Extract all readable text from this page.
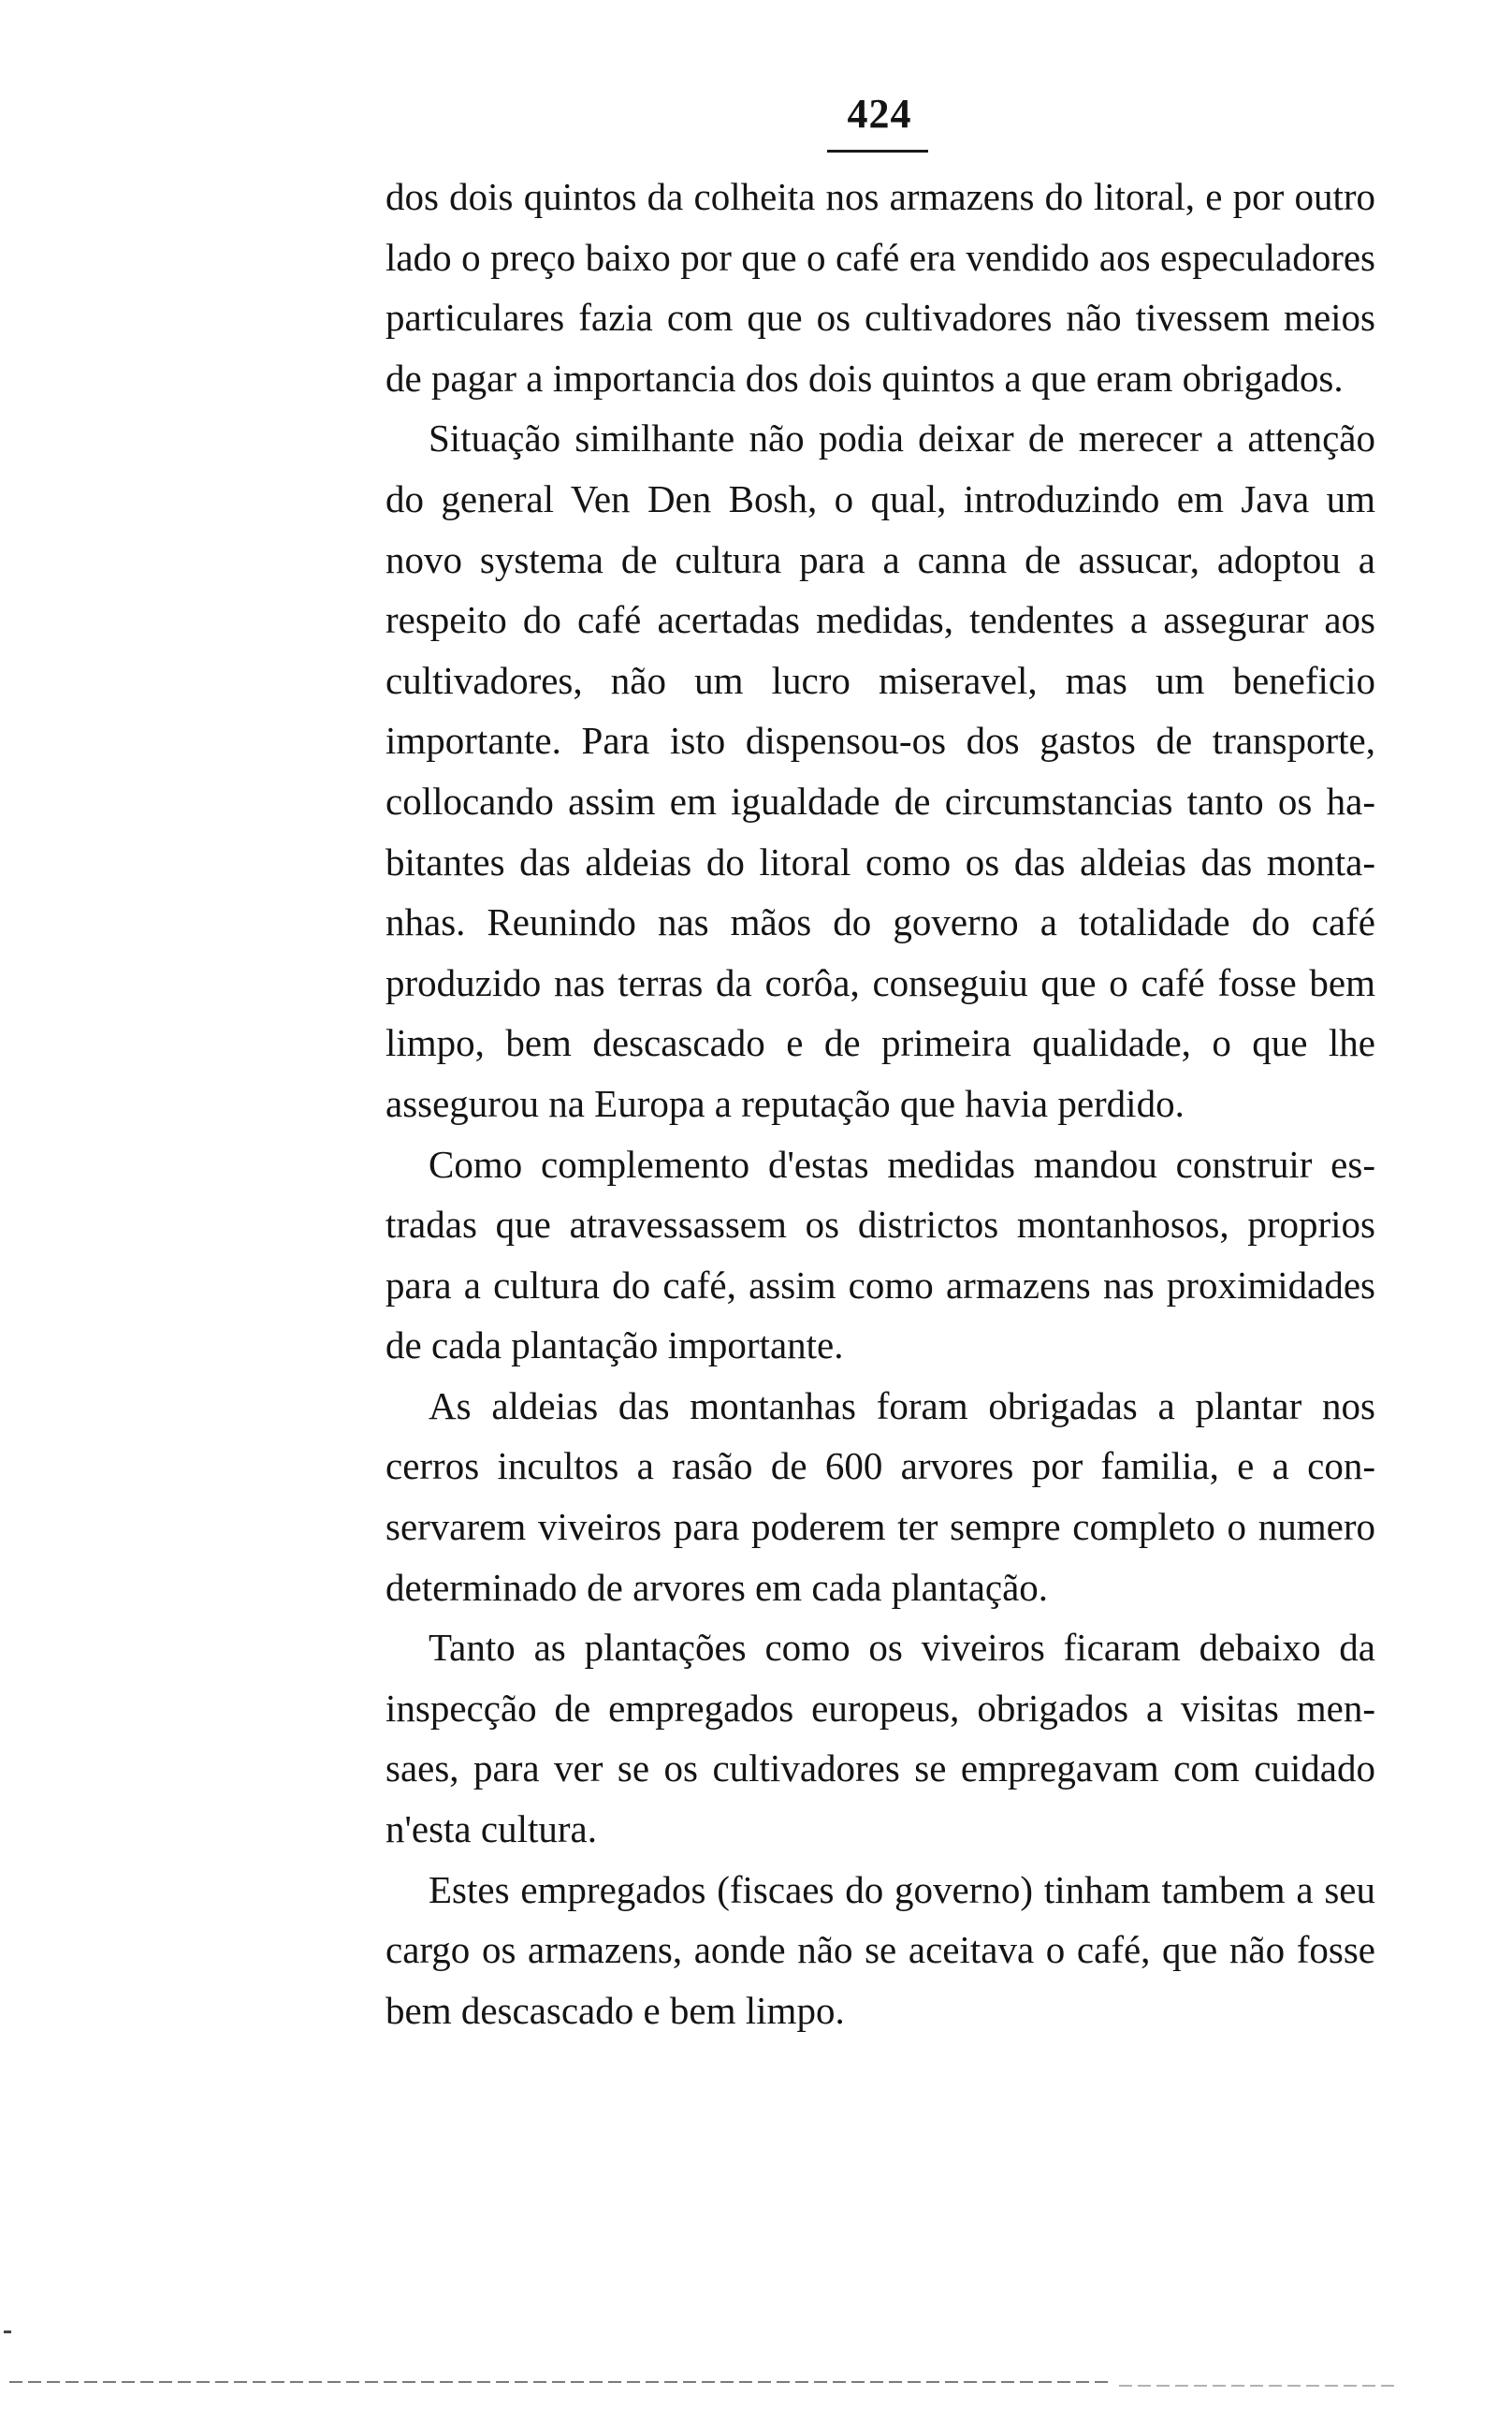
424

dos dois quintos da colheita nos armazens do litoral, e por outro lado o preço baixo por que o café era vendido aos especuladores particulares fazia com que os cultivadores não tivessem meios de pagar a importancia dos dois quintos a que eram obrigados.

Situação similhante não podia deixar de merecer a attenção do general Ven Den Bosh, o qual, introduzindo em Java um novo systema de cultura para a canna de assucar, adoptou a respeito do café acertadas medidas, tendentes a assegurar aos cultivadores, não um lucro miseravel, mas um beneficio importante. Para isto dispensou-os dos gastos de transporte, collocando assim em igualdade de circumstancias tanto os habitantes das aldeias do litoral como os das aldeias das montanhas. Reunindo nas mãos do governo a totalidade do café produzido nas terras da corôa, conseguiu que o café fosse bem limpo, bem descascado e de primeira qualidade, o que lhe assegurou na Europa a reputação que havia perdido.

Como complemento d'estas medidas mandou construir estradas que atravessassem os districtos montanhosos, proprios para a cultura do café, assim como armazens nas proximidades de cada plantação importante.

As aldeias das montanhas foram obrigadas a plantar nos cerros incultos a rasão de 600 arvores por familia, e a conservarem viveiros para poderem ter sempre completo o numero determinado de arvores em cada plantação.

Tanto as plantações como os viveiros ficaram debaixo da inspecção de empregados europeus, obrigados a visitas mensaes, para ver se os cultivadores se empregavam com cuidado n'esta cultura.

Estes empregados (fiscaes do governo) tinham tambem a seu cargo os armazens, aonde não se aceitava o café, que não fosse bem descascado e bem limpo.
